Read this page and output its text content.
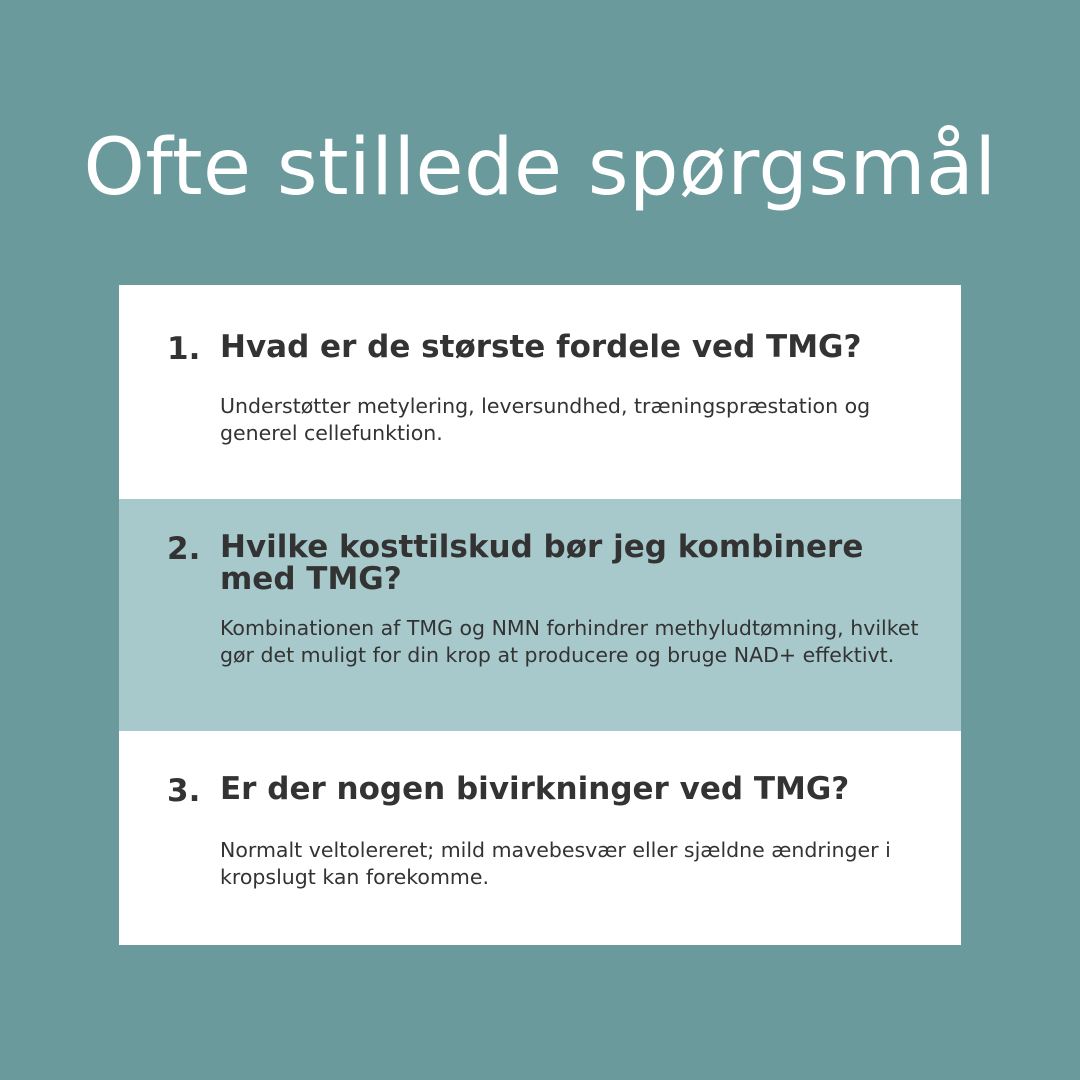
Ofte stillede spørgsmål
1. Hvad er de største fordele ved TMG?

Understøtter metylering, leversundhed, træningspræstation og generel cellefunktion.

2. Hvilke kosttilskud bør jeg kombinere med TMG?

Kombinationen af TMG og NMN forhindrer methyludtømning, hvilket gør det muligt for din krop at producere og bruge NAD+ effektivt.

3. Er der nogen bivirkninger ved TMG?

Normalt veltolereret; mild mavebesvær eller sjældne ændringer i kropslugt kan forekomme.
